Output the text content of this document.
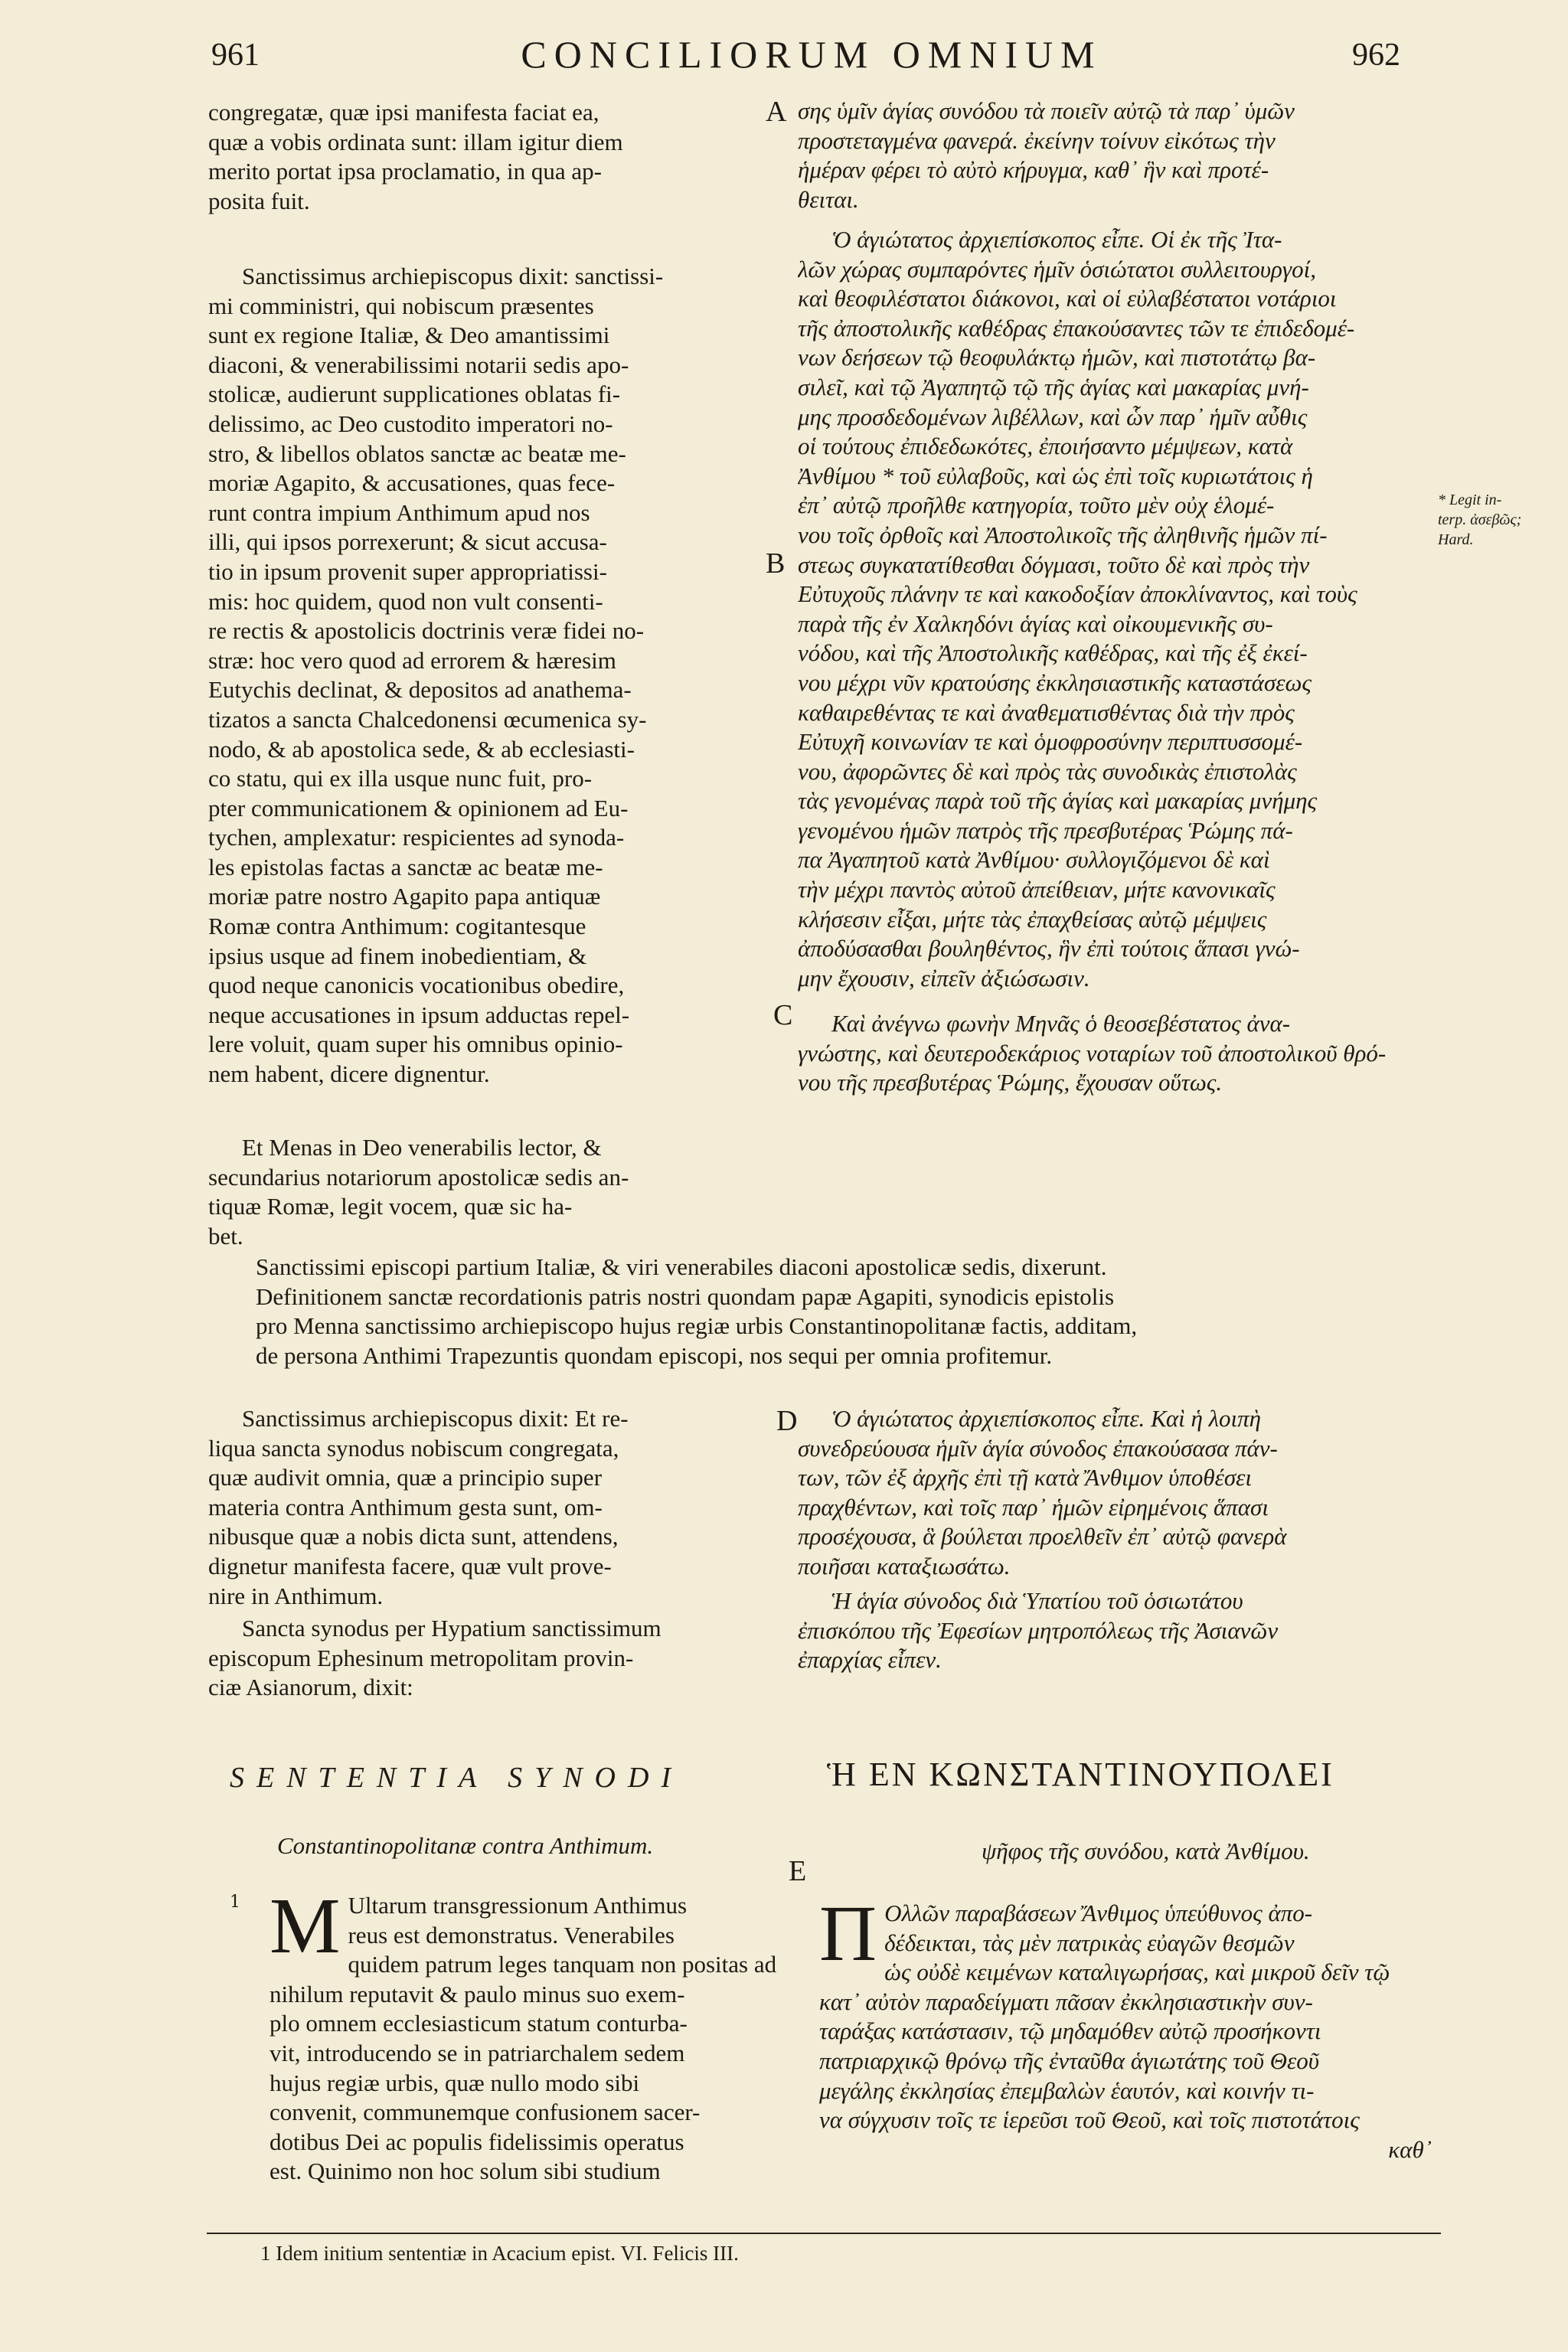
961	CONCILIORUM OMNIUM	962
congregatæ, quæ ipsi manifesta faciat ea,
quæ a vobis ordinata sunt: illam igitur diem
merito portat ipsa proclamatio, in qua ap-
posita fuit.
Sanctissimus archiepiscopus dixit: sanctissi-
mi comministri, qui nobiscum præsentes
sunt ex regione Italiæ, & Deo amantissimi
diaconi, & venerabilissimi notarii sedis apo-
stolicæ, audierunt supplicationes oblatas fi-
delissimo, ac Deo custodito imperatori no-
stro, & libellos oblatos sanctæ ac beatæ me-
moriæ Agapito, & accusationes, quas fece-
runt contra impium Anthimum apud nos
illi, qui ipsos porrexerunt; & sicut accusa-
tio in ipsum provenit super appropriatissi-
mis: hoc quidem, quod non vult consenti-
re rectis & apostolicis doctrinis veræ fidei no-
stræ: hoc vero quod ad errorem & hæresim
Eutychis declinat, & depositos ad anathema-
tizatos a sancta Chalcedonensi œcumenica sy-
nodo, & ab apostolica sede, & ab ecclesiasti-
co statu, qui ex illa usque nunc fuit, pro-
pter communicationem & opinionem ad Eu-
tychen, amplexatur: respicientes ad synoda-
les epistolas factas a sanctæ ac beatæ me-
moriæ patre nostro Agapito papa antiquæ
Romæ contra Anthimum: cogitantesque
ipsius usque ad finem inobedientiam, &
quod neque canonicis vocationibus obedire,
neque accusationes in ipsum adductas repel-
lere voluit, quam super his omnibus opinio-
nem habent, dicere dignentur.
Et Menas in Deo venerabilis lector, &
secundarius notariorum apostolicæ sedis an-
tiquæ Romæ, legit vocem, quæ sic ha-
bet.
σης ὑμῖν ἁγίας συνόδου τὰ ποιεῖν αὐτῷ τὰ παρ᾽ ὑμῶν
προστεταγμένα φανερά. ἐκείνην τοίνυν εἰκότως τὴν
ἡμέραν φέρει τὸ αὐτὸ κήρυγμα, καθ᾽ ἣν καὶ προτέ-
θειται.
Ὁ ἁγιώτατος ἀρχιεπίσκοπος εἶπε. Οἱ ἐκ τῆς Ἰτα-
λῶν χώρας συμπαρόντες ἡμῖν ὁσιώτατοι συλλειτουργοί,
καὶ θεοφιλέστατοι διάκονοι, καὶ οἱ εὐλαβέστατοι νοτάριοι
τῆς ἀποστολικῆς καθέδρας ἐπακούσαντες τῶν τε ἐπιδεδομέ-
νων δεήσεων τῷ θεοφυλάκτῳ ἡμῶν, καὶ πιστοτάτῳ βα-
σιλεῖ, καὶ τῷ Ἀγαπητῷ τῷ τῆς ἁγίας καὶ μακαρίας μνή-
μης προσδεδομένων λιβέλλων, καὶ ὧν παρ᾽ ἡμῖν αὖθις
οἱ τούτους ἐπιδεδωκότες, ἐποιήσαντο μέμψεων, κατὰ
Ἀνθίμου * τοῦ εὐλαβοῦς, καὶ ὡς ἐπὶ τοῖς κυριωτάτοις ἡ
ἐπ᾽ αὐτῷ προῆλθε κατηγορία, τοῦτο μὲν οὐχ ἑλομέ-
νου τοῖς ὀρθοῖς καὶ Ἀποστολικοῖς τῆς ἀληθινῆς ἡμῶν πί-
στεως συγκατατίθεσθαι δόγμασι, τοῦτο δὲ καὶ πρὸς τὴν
Εὐτυχοῦς πλάνην τε καὶ κακοδοξίαν ἀποκλίναντος, καὶ τοὺς
παρὰ τῆς ἐν Χαλκηδόνι ἁγίας καὶ οἰκουμενικῆς συ-
νόδου, καὶ τῆς Ἀποστολικῆς καθέδρας, καὶ τῆς ἐξ ἐκεί-
νου μέχρι νῦν κρατούσης ἐκκλησιαστικῆς καταστάσεως
καθαιρεθέντας τε καὶ ἀναθεματισθέντας διὰ τὴν πρὸς
Εὐτυχῆ κοινωνίαν τε καὶ ὁμοφροσύνην περιπτυσσομέ-
νου, ἀφορῶντες δὲ καὶ πρὸς τὰς συνοδικὰς ἐπιστολὰς
τὰς γενομένας παρὰ τοῦ τῆς ἁγίας καὶ μακαρίας μνήμης
γενομένου ἡμῶν πατρὸς τῆς πρεσβυτέρας Ῥώμης πά-
πα Ἀγαπητοῦ κατὰ Ἀνθίμου· συλλογιζόμενοι δὲ καὶ
τὴν μέχρι παντὸς αὐτοῦ ἀπείθειαν, μήτε κανονικαῖς
κλήσεσιν εἶξαι, μήτε τὰς ἐπαχθείσας αὐτῷ μέμψεις
ἀποδύσασθαι βουληθέντος, ἣν ἐπὶ τούτοις ἅπασι γνώ-
μην ἔχουσιν, εἰπεῖν ἀξιώσωσιν.
Καὶ ἀνέγνω φωνὴν Μηνᾶς ὁ θεοσεβέστατος ἀνα-
γνώστης, καὶ δευτεροδεκάριος νοταρίων τοῦ ἀποστολικοῦ θρό-
νου τῆς πρεσβυτέρας Ῥώμης, ἔχουσαν οὕτως.
Sanctissimi episcopi partium Italiæ, & viri venerabiles diaconi apostolicæ sedis, dixerunt.
Definitionem sanctæ recordationis patris nostri quondam papæ Agapiti, synodicis epistolis
pro Menna sanctissimo archiepiscopo hujus regiæ urbis Constantinopolitanæ factis, additam,
de persona Anthimi Trapezuntis quondam episcopi, nos sequi per omnia profitemur.
Sanctissimus archiepiscopus dixit: Et re-
liqua sancta synodus nobiscum congregata,
quæ audivit omnia, quæ a principio super
materia contra Anthimum gesta sunt, om-
nibusque quæ a nobis dicta sunt, attendens,
dignetur manifesta facere, quæ vult prove-
nire in Anthimum.
Sancta synodus per Hypatium sanctissimum
episcopum Ephesinum metropolitam provin-
ciæ Asianorum, dixit:
Ὁ ἁγιώτατος ἀρχιεπίσκοπος εἶπε. Καὶ ἡ λοιπὴ
συνεδρεύουσα ἡμῖν ἁγία σύνοδος ἐπακούσασα πάν-
των, τῶν ἐξ ἀρχῆς ἐπὶ τῇ κατὰ Ἄνθιμον ὑποθέσει
πραχθέντων, καὶ τοῖς παρ᾽ ἡμῶν εἰρημένοις ἅπασι
προσέχουσα, ἃ βούλεται προελθεῖν ἐπ᾽ αὐτῷ φανερὰ
ποιῆσαι καταξιωσάτω.
Ἡ ἁγία σύνοδος διὰ Ὑπατίου τοῦ ὁσιωτάτου
ἐπισκόπου τῆς Ἐφεσίων μητροπόλεως τῆς Ἀσιανῶν
ἐπαρχίας εἶπεν.
A
B
C
D
E
* Legit in-
terp. ἀσεβῶς;
Hard.
SENTENTIA SYNODI	Ἡ ΕΝ ΚΩΝΣΤΑΝΤΙΝΟΥΠΟΛΕΙ
Constantinopolitanæ contra Anthimum.	ψῆφος τῆς συνόδου, κατὰ Ἀνθίμου.
1 M Ultarum transgressionum Anthimus
reus est demonstratus. Venerabiles
quidem patrum leges tanquam non positas ad
nihilum reputavit & paulo minus suo exem-
plo omnem ecclesiasticum statum conturba-
vit, introducendo se in patriarchalem sedem
hujus regiæ urbis, quæ nullo modo sibi
convenit, communemque confusionem sacer-
dotibus Dei ac populis fidelissimis operatus
est. Quinimo non hoc solum sibi studium
Π Ολλῶν παραβάσεων Ἄνθιμος ὑπεύθυνος ἀπο-
δέδεικται, τὰς μὲν πατρικὰς εὐαγῶν θεσμῶν
ὡς οὐδὲ κειμένων καταλιγωρήσας, καὶ μικροῦ δεῖν τῷ
κατ᾽ αὐτὸν παραδείγματι πᾶσαν ἐκκλησιαστικὴν συν-
ταράξας κατάστασιν, τῷ μηδαμόθεν αὐτῷ προσήκοντι
πατριαρχικῷ θρόνῳ τῆς ἐνταῦθα ἁγιωτάτης τοῦ Θεοῦ
μεγάλης ἐκκλησίας ἐπεμβαλὼν ἑαυτόν, καὶ κοινήν τι-
να σύγχυσιν τοῖς τε ἱερεῦσι τοῦ Θεοῦ, καὶ τοῖς πιστοτάτοις
καθ᾽
1 Idem initium sententiæ in Acacium epist. VI. Felicis III.
